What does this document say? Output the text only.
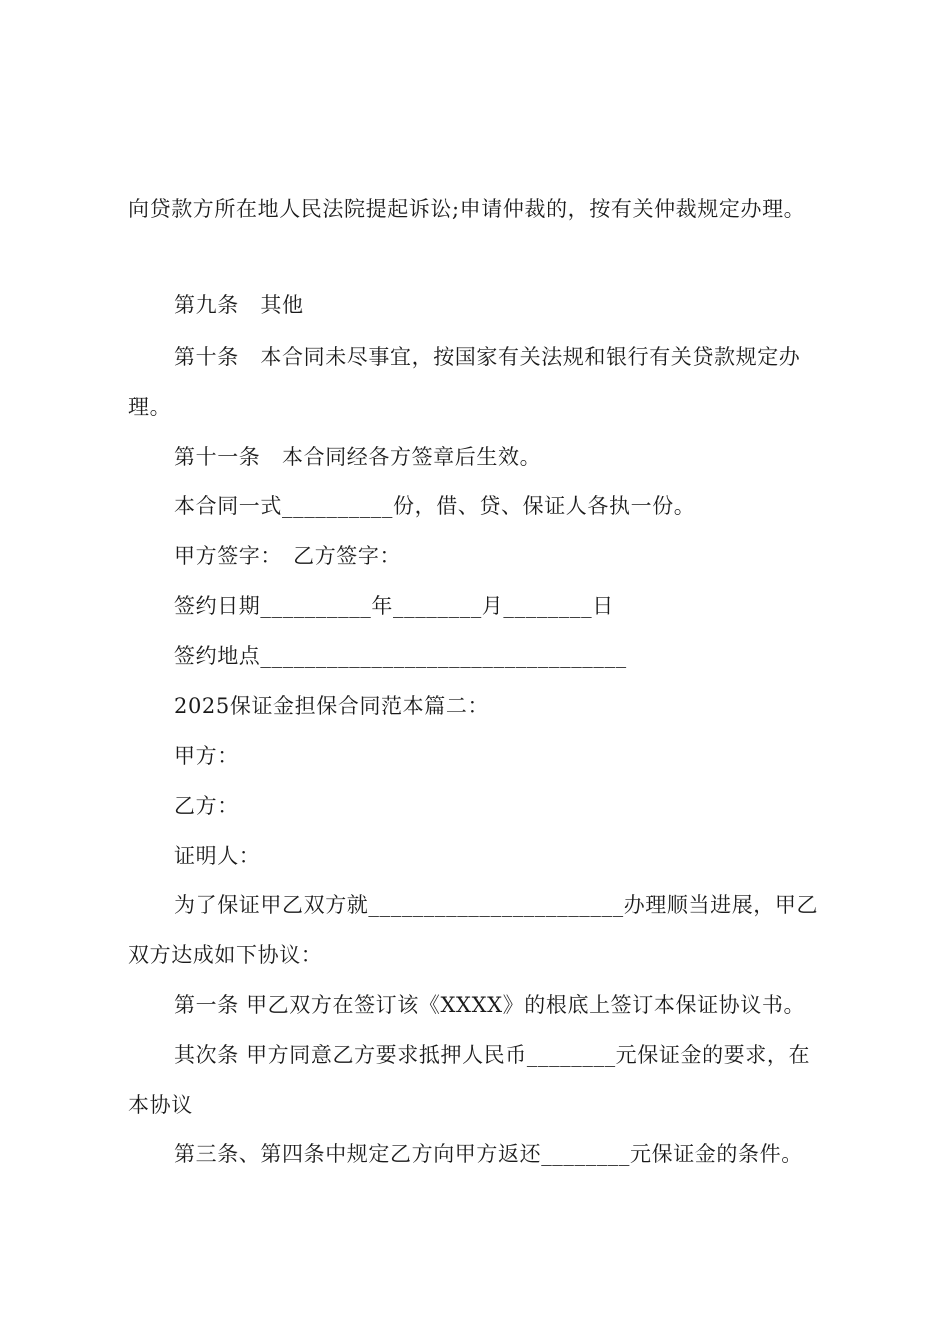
向贷款方所在地人民法院提起诉讼;申请仲裁的，按有关仲裁规定办理。
第九条　其他
第十条　本合同未尽事宜，按国家有关法规和银行有关贷款规定办
理。
第十一条　本合同经各方签章后生效。
本合同一式__________份，借、贷、保证人各执一份。
甲方签字：　乙方签字：
签约日期__________年________月________日
签约地点_________________________________
2025保证金担保合同范本篇二：
甲方：
乙方：
证明人：
为了保证甲乙双方就_______________________办理顺当进展，甲乙
双方达成如下协议：
第一条 甲乙双方在签订该《XXXX》的根底上签订本保证协议书。
其次条 甲方同意乙方要求抵押人民币________元保证金的要求，在
本协议
第三条、第四条中规定乙方向甲方返还________元保证金的条件。
